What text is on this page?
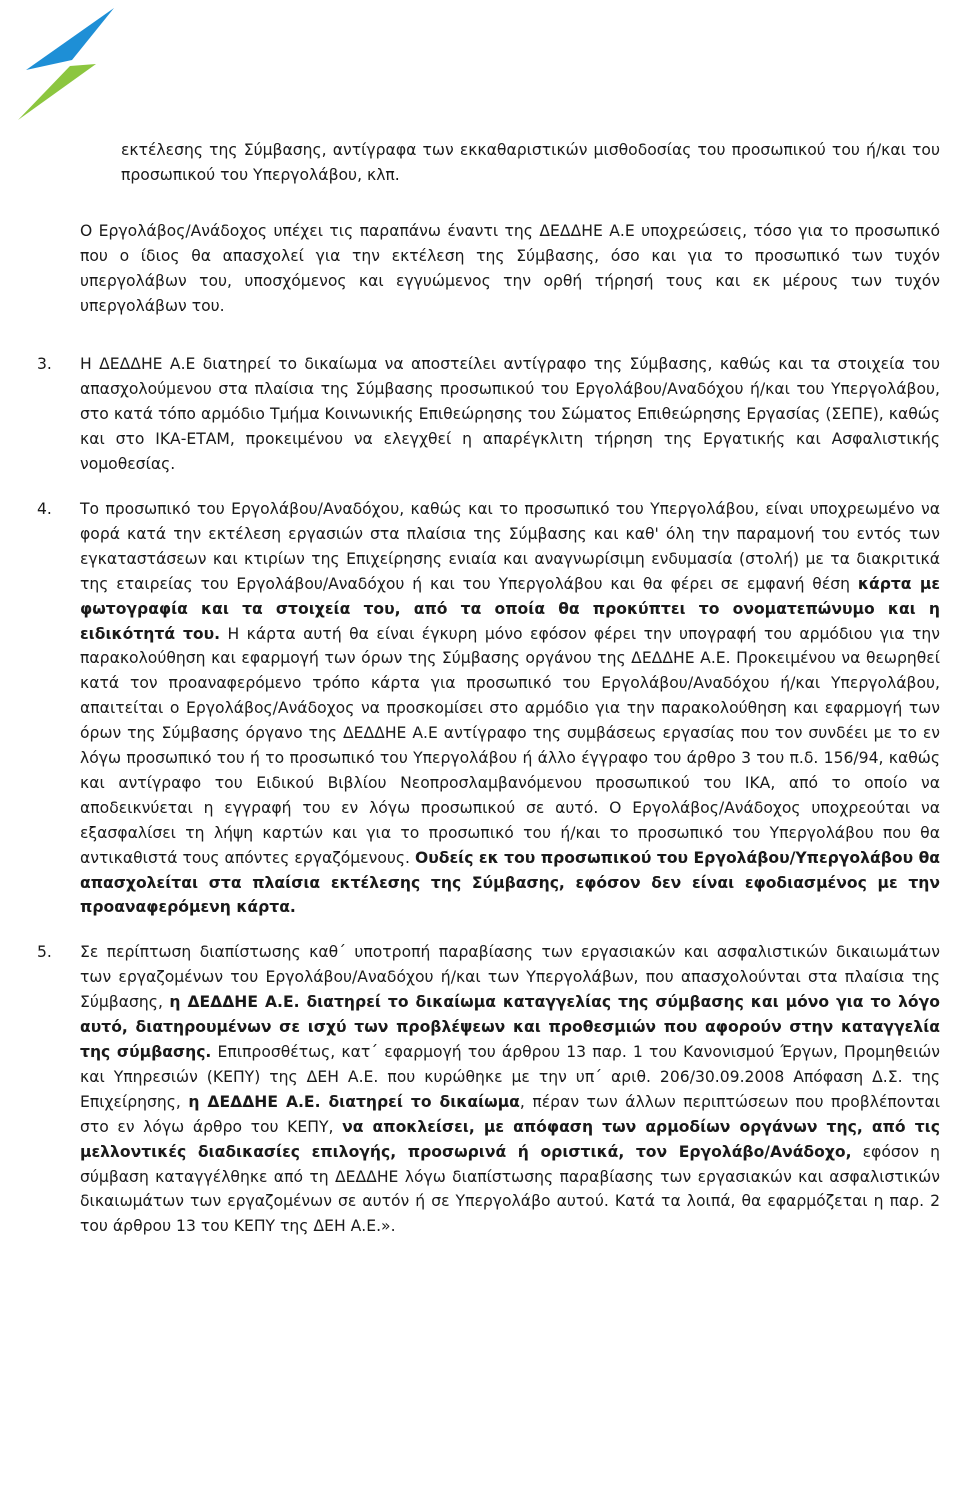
εκτέλεσης της Σύμβασης, αντίγραφα των εκκαθαριστικών μισθοδοσίας του προσωπικού του ή/και του προσωπικού του Υπεργολάβου, κλπ.

Ο Εργολάβος/Ανάδοχος υπέχει τις παραπάνω έναντι της ΔΕΔΔΗΕ Α.Ε υποχρεώσεις, τόσο για το προσωπικό που ο ίδιος θα απασχολεί για την εκτέλεση της Σύμβασης, όσο και για το προσωπικό των τυχόν υπεργολάβων του, υποσχόμενος και εγγυώμενος την ορθή τήρησή τους και εκ μέρους των τυχόν υπεργολάβων του.

3. Η ΔΕΔΔΗΕ Α.Ε διατηρεί το δικαίωμα να αποστείλει αντίγραφο της Σύμβασης, καθώς και τα στοιχεία του απασχολούμενου στα πλαίσια της Σύμβασης προσωπικού του Εργολάβου/Αναδόχου ή/και του Υπεργολάβου, στο κατά τόπο αρμόδιο Τμήμα Κοινωνικής Επιθεώρησης του Σώματος Επιθεώρησης Εργασίας (ΣΕΠΕ), καθώς και στο ΙΚΑ-ΕΤΑΜ, προκειμένου να ελεγχθεί η απαρέγκλιτη τήρηση της Εργατικής και Ασφαλιστικής νομοθεσίας.

4. Το προσωπικό του Εργολάβου/Αναδόχου, καθώς και το προσωπικό του Υπεργολάβου, είναι υποχρεωμένο να φορά κατά την εκτέλεση εργασιών στα πλαίσια της Σύμβασης και καθ' όλη την παραμονή του εντός των εγκαταστάσεων και κτιρίων της Επιχείρησης ενιαία και αναγνωρίσιμη ενδυμασία (στολή) με τα διακριτικά της εταιρείας του Εργολάβου/Αναδόχου ή και του Υπεργολάβου και θα φέρει σε εμφανή θέση κάρτα με φωτογραφία και τα στοιχεία του, από τα οποία θα προκύπτει το ονοματεπώνυμο και η ειδικότητά του. Η κάρτα αυτή θα είναι έγκυρη μόνο εφόσον φέρει την υπογραφή του αρμόδιου για την παρακολούθηση και εφαρμογή των όρων της Σύμβασης οργάνου της ΔΕΔΔΗΕ Α.Ε. Προκειμένου να θεωρηθεί κατά τον προαναφερόμενο τρόπο κάρτα για προσωπικό του Εργολάβου/Αναδόχου ή/και Υπεργολάβου, απαιτείται ο Εργολάβος/Ανάδοχος να προσκομίσει στο αρμόδιο για την παρακολούθηση και εφαρμογή των όρων της Σύμβασης όργανο της ΔΕΔΔΗΕ Α.Ε αντίγραφο της συμβάσεως εργασίας που τον συνδέει με το εν λόγω προσωπικό του ή το προσωπικό του Υπεργολάβου ή άλλο έγγραφο του άρθρο 3 του π.δ. 156/94, καθώς και αντίγραφο του Ειδικού Βιβλίου Νεοπροσλαμβανόμενου προσωπικού του ΙΚΑ, από το οποίο να αποδεικνύεται η εγγραφή του εν λόγω προσωπικού σε αυτό. Ο Εργολάβος/Ανάδοχος υποχρεούται να εξασφαλίσει τη λήψη καρτών και για το προσωπικό του ή/και το προσωπικό του Υπεργολάβου που θα αντικαθιστά τους απόντες εργαζόμενους. Ουδείς εκ του προσωπικού του Εργολάβου/Υπεργολάβου θα απασχολείται στα πλαίσια εκτέλεσης της Σύμβασης, εφόσον δεν είναι εφοδιασμένος με την προαναφερόμενη κάρτα.

5. Σε περίπτωση διαπίστωσης καθ΄ υποτροπή παραβίασης των εργασιακών και ασφαλιστικών δικαιωμάτων των εργαζομένων του Εργολάβου/Αναδόχου ή/και των Υπεργολάβων, που απασχολούνται στα πλαίσια της Σύμβασης, η ΔΕΔΔΗΕ Α.Ε. διατηρεί το δικαίωμα καταγγελίας της σύμβασης και μόνο για το λόγο αυτό, διατηρουμένων σε ισχύ των προβλέψεων και προθεσμιών που αφορούν στην καταγγελία της σύμβασης. Επιπροσθέτως, κατ΄ εφαρμογή του άρθρου 13 παρ. 1 του Κανονισμού Έργων, Προμηθειών και Υπηρεσιών (ΚΕΠΥ) της ΔΕΗ Α.Ε. που κυρώθηκε με την υπ΄ αριθ. 206/30.09.2008 Απόφαση Δ.Σ. της Επιχείρησης, η ΔΕΔΔΗΕ Α.Ε. διατηρεί το δικαίωμα, πέραν των άλλων περιπτώσεων που προβλέπονται στο εν λόγω άρθρο του ΚΕΠΥ, να αποκλείσει, με απόφαση των αρμοδίων οργάνων της, από τις μελλοντικές διαδικασίες επιλογής, προσωρινά ή οριστικά, τον Εργολάβο/Ανάδοχο, εφόσον η σύμβαση καταγγέλθηκε από τη ΔΕΔΔΗΕ λόγω διαπίστωσης παραβίασης των εργασιακών και ασφαλιστικών δικαιωμάτων των εργαζομένων σε αυτόν ή σε Υπεργολάβο αυτού. Κατά τα λοιπά, θα εφαρμόζεται η παρ. 2 του άρθρου 13 του ΚΕΠΥ της ΔΕΗ Α.Ε.».
